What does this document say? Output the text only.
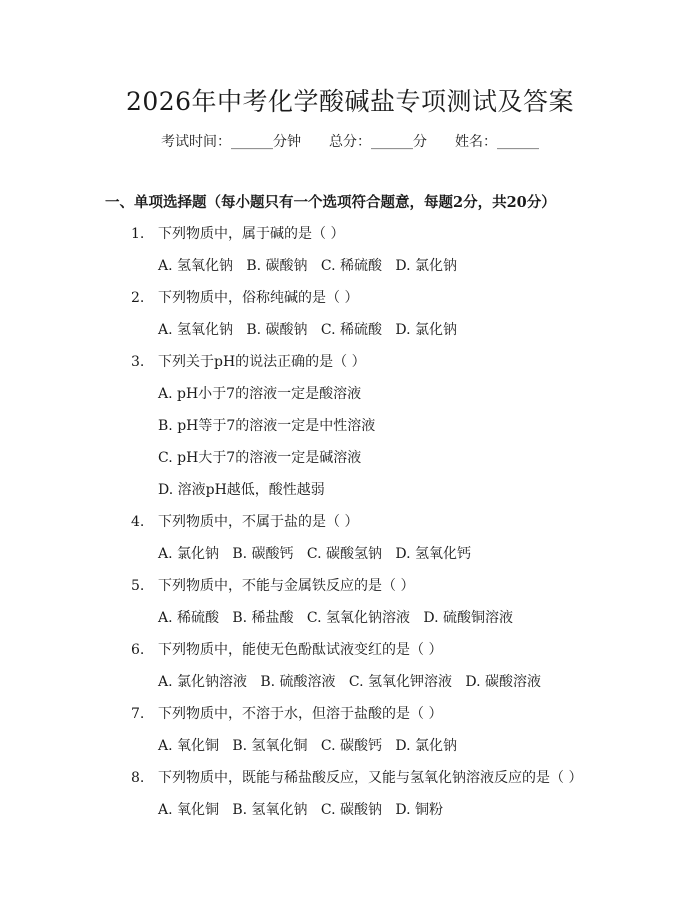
2026年中考化学酸碱盐专项测试及答案
考试时间：______分钟 总分：______分 姓名：______
一、单项选择题（每小题只有一个选项符合题意，每题2分，共20分）
1. 下列物质中，属于碱的是（ ）
A. 氢氧化钠   B. 碳酸钠   C. 稀硫酸   D. 氯化钠
2. 下列物质中，俗称纯碱的是（ ）
A. 氢氧化钠   B. 碳酸钠   C. 稀硫酸   D. 氯化钠
3. 下列关于pH的说法正确的是（ ）
A. pH小于7的溶液一定是酸溶液
B. pH等于7的溶液一定是中性溶液
C. pH大于7的溶液一定是碱溶液
D. 溶液pH越低，酸性越弱
4. 下列物质中，不属于盐的是（ ）
A. 氯化钠   B. 碳酸钙   C. 碳酸氢钠   D. 氢氧化钙
5. 下列物质中，不能与金属铁反应的是（ ）
A. 稀硫酸   B. 稀盐酸   C. 氢氧化钠溶液   D. 硫酸铜溶液
6. 下列物质中，能使无色酚酞试液变红的是（ ）
A. 氯化钠溶液   B. 硫酸溶液   C. 氢氧化钾溶液   D. 碳酸溶液
7. 下列物质中，不溶于水，但溶于盐酸的是（ ）
A. 氧化铜   B. 氢氧化铜   C. 碳酸钙   D. 氯化钠
8. 下列物质中，既能与稀盐酸反应，又能与氢氧化钠溶液反应的是（ ）
A. 氧化铜   B. 氢氧化钠   C. 碳酸钠   D. 铜粉
